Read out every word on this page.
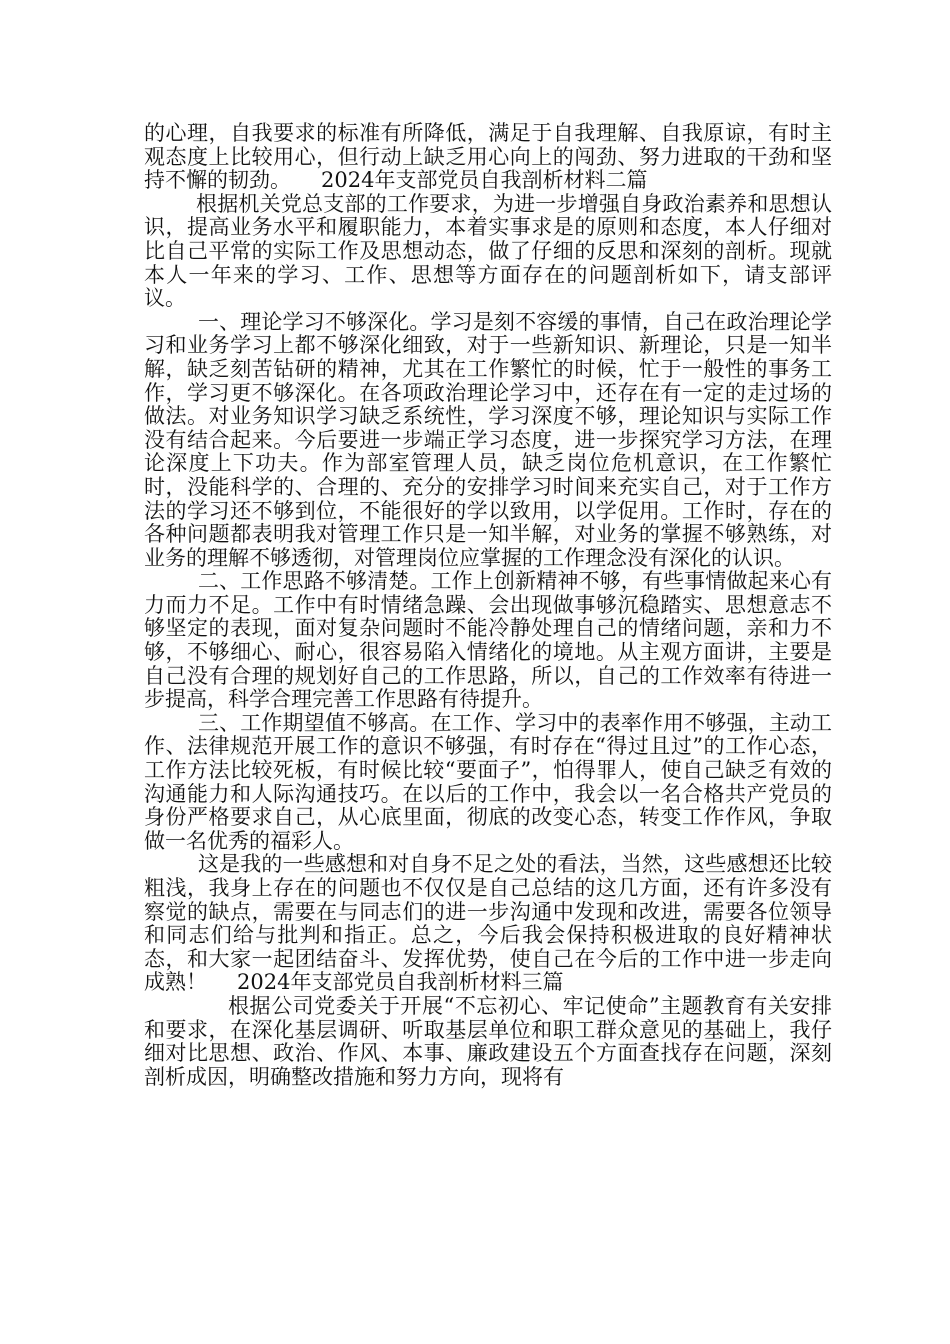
的心理，自我要求的标准有所降低，满足于自我理解、自我原谅，有时主观态度上比较用心，但行动上缺乏用心向上的闯劲、努力进取的干劲和坚持不懈的韧劲。 2024年支部党员自我剖析材料二篇

根据机关党总支部的工作要求，为进一步增强自身政治素养和思想认识，提高业务水平和履职能力，本着实事求是的原则和态度，本人仔细对比自己平常的实际工作及思想动态，做了仔细的反思和深刻的剖析。现就本人一年来的学习、工作、思想等方面存在的问题剖析如下，请支部评议。

一、理论学习不够深化。学习是刻不容缓的事情，自己在政治理论学习和业务学习上都不够深化细致，对于一些新知识、新理论，只是一知半解，缺乏刻苦钻研的精神，尤其在工作繁忙的时候，忙于一般性的事务工作，学习更不够深化。在各项政治理论学习中，还存在有一定的走过场的做法。对业务知识学习缺乏系统性，学习深度不够，理论知识与实际工作没有结合起来。今后要进一步端正学习态度，进一步探究学习方法，在理论深度上下功夫。作为部室管理人员，缺乏岗位危机意识，在工作繁忙时，没能科学的、合理的、充分的安排学习时间来充实自己，对于工作方法的学习还不够到位，不能很好的学以致用，以学促用。工作时，存在的各种问题都表明我对管理工作只是一知半解，对业务的掌握不够熟练，对业务的理解不够透彻，对管理岗位应掌握的工作理念没有深化的认识。

二、工作思路不够清楚。工作上创新精神不够，有些事情做起来心有力而力不足。工作中有时情绪急躁、会出现做事够沉稳踏实、思想意志不够坚定的表现，面对复杂问题时不能冷静处理自己的情绪问题，亲和力不够，不够细心、耐心，很容易陷入情绪化的境地。从主观方面讲，主要是自己没有合理的规划好自己的工作思路，所以，自己的工作效率有待进一步提高，科学合理完善工作思路有待提升。

三、工作期望值不够高。在工作、学习中的表率作用不够强，主动工作、法律规范开展工作的意识不够强，有时存在“得过且过”的工作心态，工作方法比较死板，有时候比较“要面子”，怕得罪人，使自己缺乏有效的沟通能力和人际沟通技巧。在以后的工作中，我会以一名合格共产党员的身份严格要求自己，从心底里面，彻底的改变心态，转变工作作风，争取做一名优秀的福彩人。

这是我的一些感想和对自身不足之处的看法，当然，这些感想还比较粗浅，我身上存在的问题也不仅仅是自己总结的这几方面，还有许多没有察觉的缺点，需要在与同志们的进一步沟通中发现和改进，需要各位领导和同志们给与批判和指正。总之，今后我会保持积极进取的良好精神状态，和大家一起团结奋斗、发挥优势，使自己在今后的工作中进一步走向成熟！ 2024年支部党员自我剖析材料三篇

根据公司党委关于开展“不忘初心、牢记使命”主题教育有关安排和要求，在深化基层调研、听取基层单位和职工群众意见的基础上，我仔细对比思想、政治、作风、本事、廉政建设五个方面查找存在问题，深刻剖析成因，明确整改措施和努力方向，现将有
